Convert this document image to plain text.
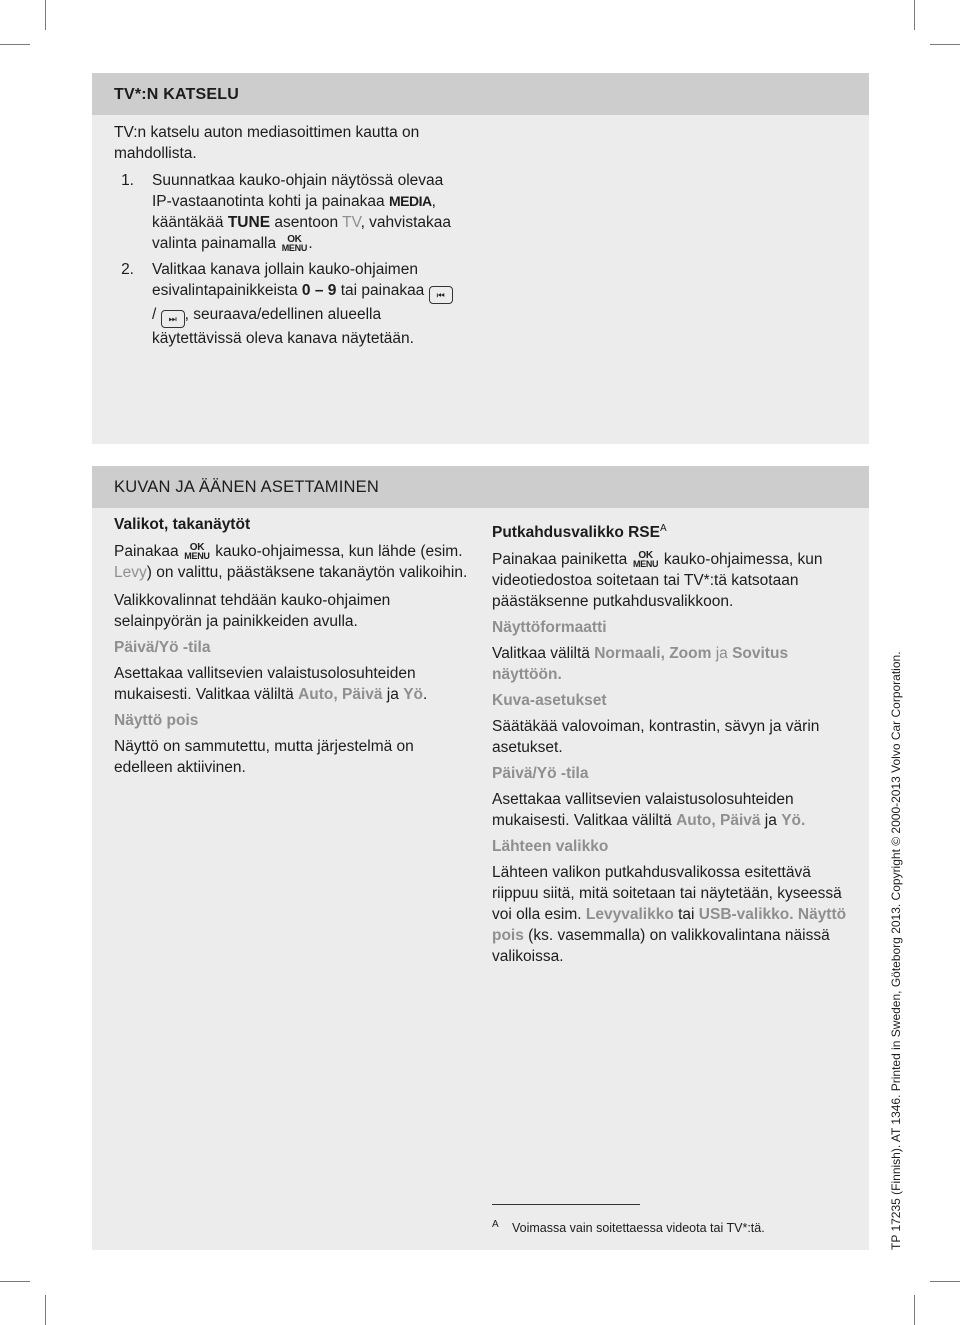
TV*:N KATSELU

TV:n katselu auton mediasoittimen kautta on mahdollista.

1. Suunnatkaa kauko-ohjain näytössä olevaa IP-vastaanotinta kohti ja painakaa MEDIA, kääntäkää TUNE asentoon TV, vahvistakaa valinta painamalla OK
MENU .
2. Valitkaa kanava jollain kauko-ohjaimen esivalintapainikkeista 0 – 9 tai painakaa ⏮ / ⏭ , seuraava/edellinen alueella käytettävissä oleva kanava näytetään.
KUVAN JA ÄÄNEN ASETTAMINEN

Valikot, takanäytöt

Painakaa OK
MENU kauko-ohjaimessa, kun lähde (esim. Levy) on valittu, päästäksene takanäytön valikoihin.

Valikkovalinnat tehdään kauko-ohjaimen selainpyörän ja painikkeiden avulla.

Päivä/Yö -tila

Asettakaa vallitsevien valaistusolosuhteiden mukaisesti. Valitkaa väliltä Auto, Päivä ja Yö.

Näyttö pois

Näyttö on sammutettu, mutta järjestelmä on edelleen aktiivinen.

Putkahdusvalikko $RSE^A$

Painakaa painiketta OK
MENU kauko-ohjaimessa, kun videotiedostoa soitetaan tai TV*:tä katsotaan päästäksenne putkahdusvalikkoon.

Näyttöformaatti

Valitkaa väliltä Normaali, Zoom ja Sovitus näyttöön.

Kuva-asetukset

Säätäkää valovoiman, kontrastin, sävyn ja värin asetukset.

Päivä/Yö -tila

Asettakaa vallitsevien valaistusolosuhteiden mukaisesti. Valitkaa väliltä Auto, Päivä ja Yö.

Lähteen valikko

Lähteen valikon putkahdusvalikossa esitettävä riippuu siitä, mitä soitetaan tai näytetään, kyseessä voi olla esim. Levyvalikko tai USB-valikko. Näyttö pois (ks. vasemmalla) on valikkovalintana näissä valikoissa.

A Voimassa vain soitettaessa videota tai TV*:tä.	TP 17235 (Finnish). AT 1346. Printed in Sweden, Göteborg 2013. Copyright © 2000-2013 Volvo Car Corporation.
